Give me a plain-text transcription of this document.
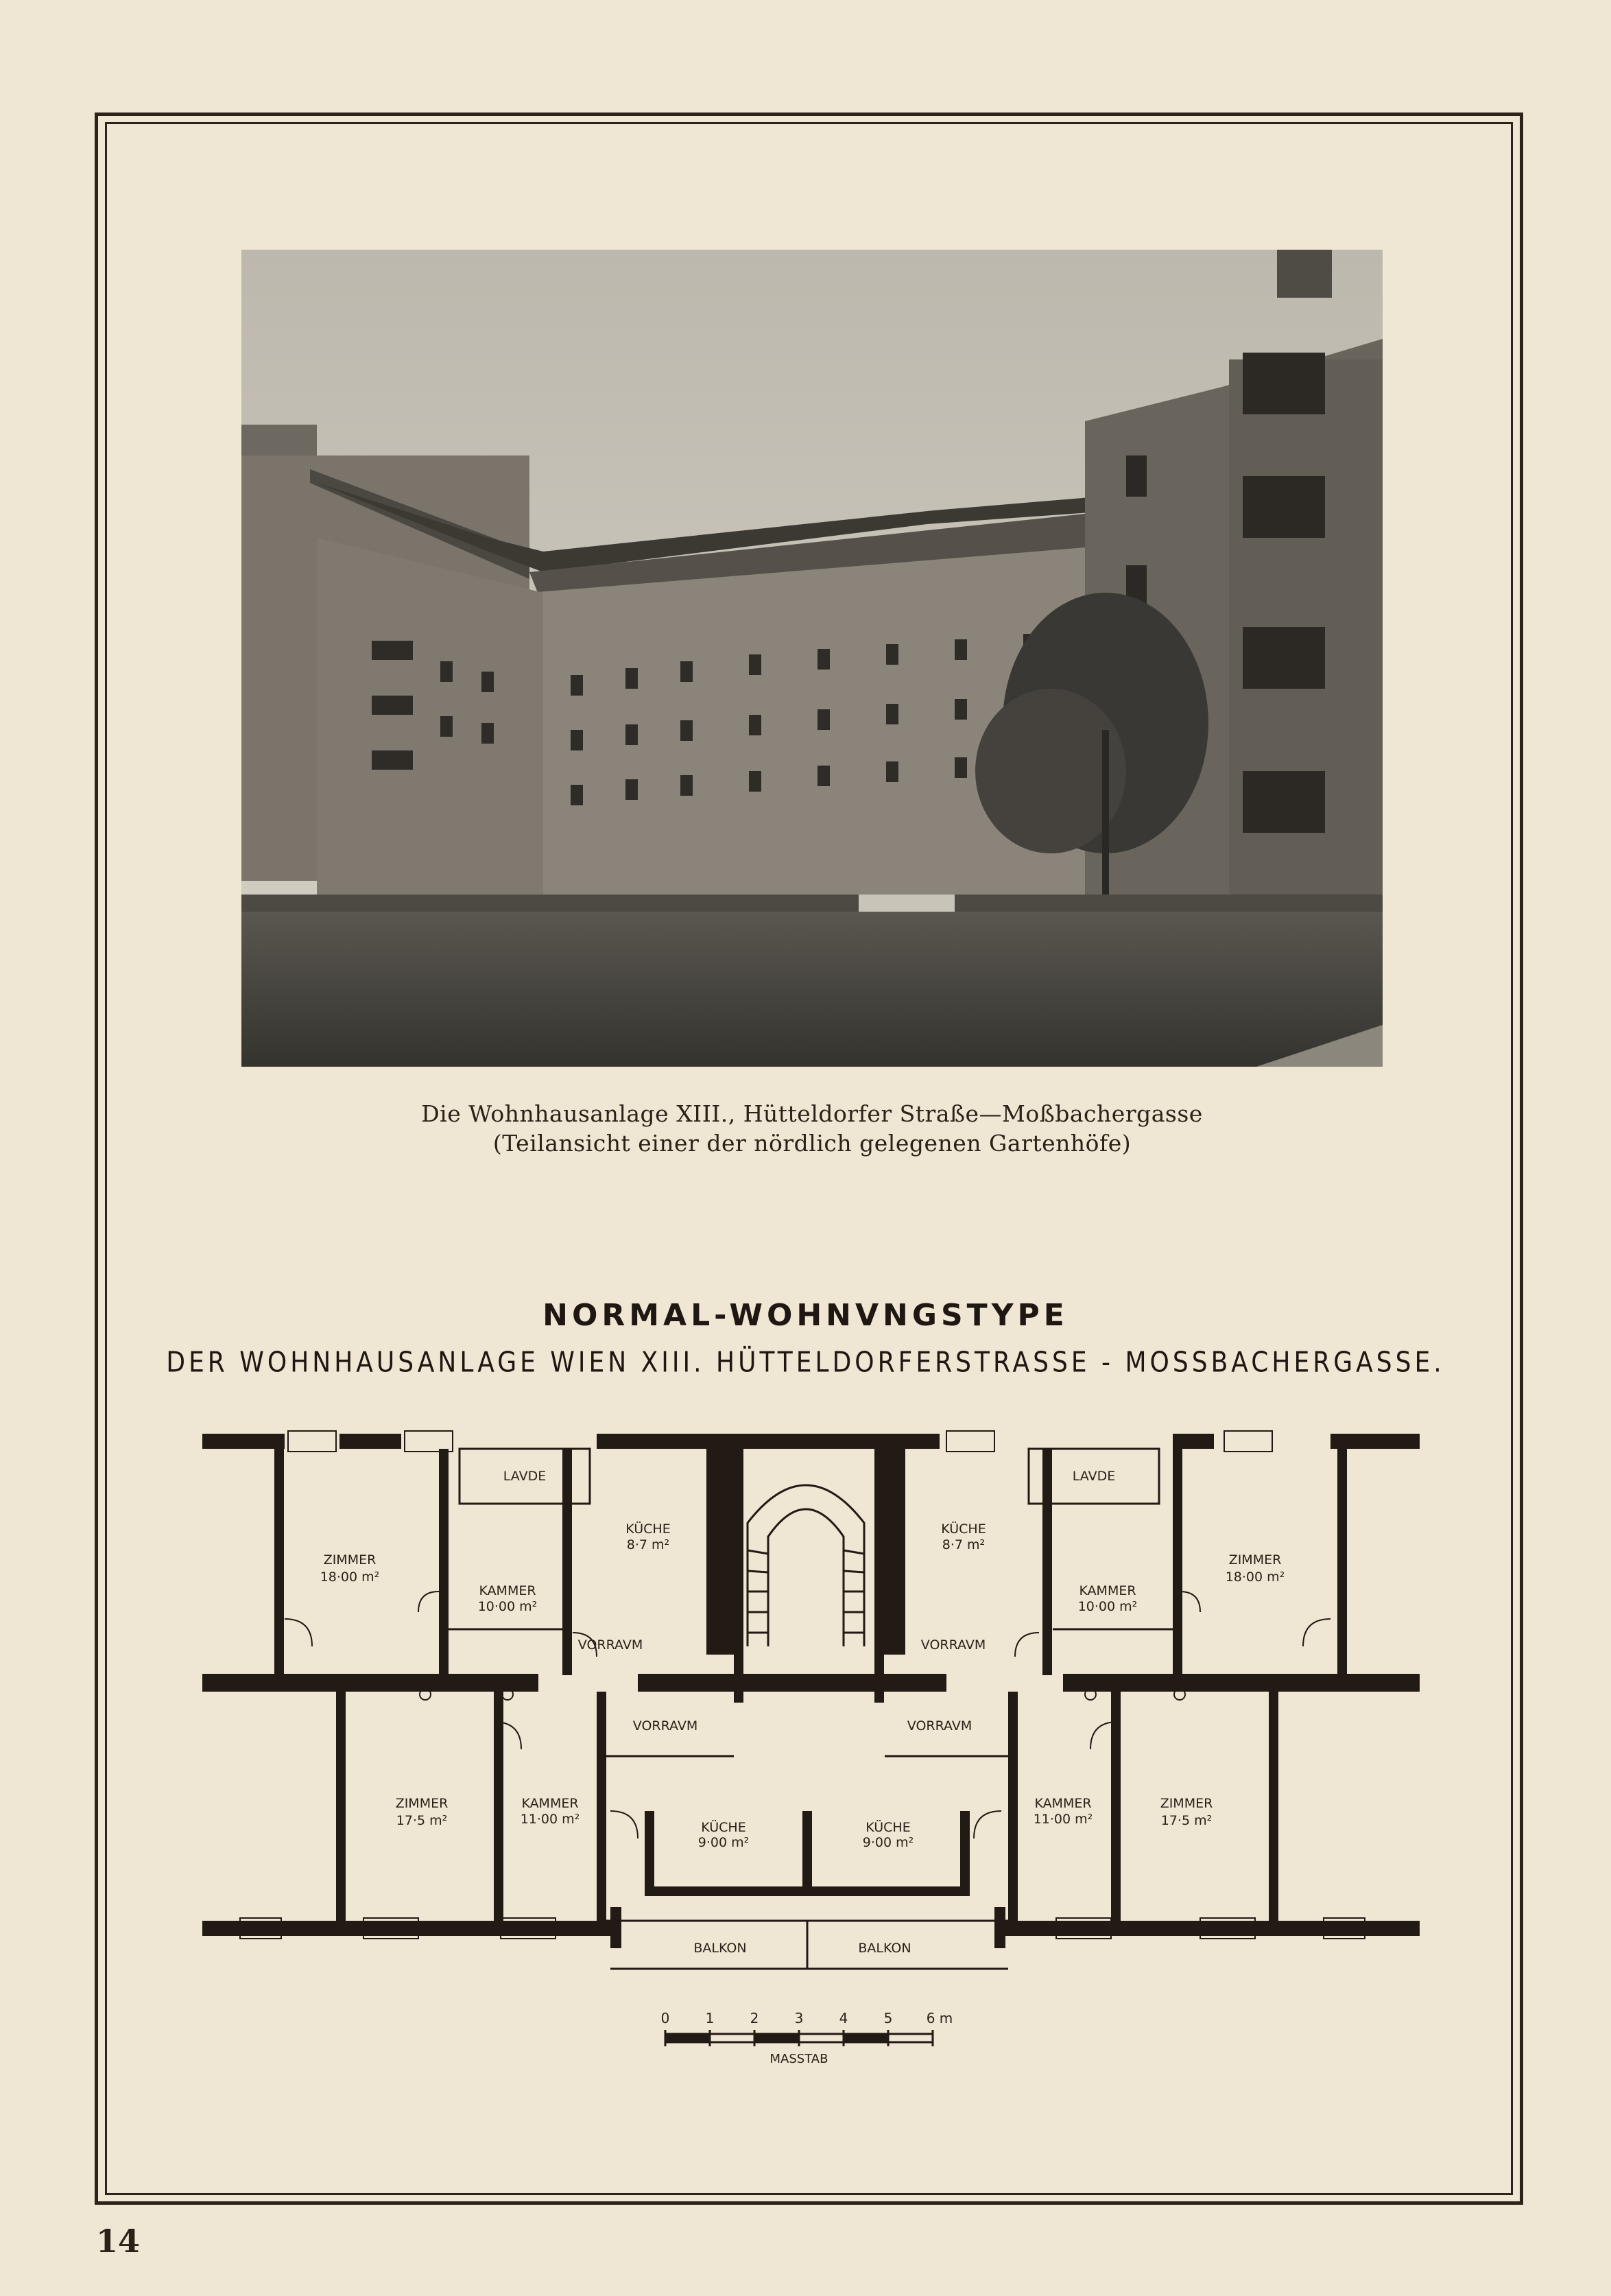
Die Wohnhausanlage XIII., Hütteldorfer Straße—Moßbachergasse
(Teilansicht einer der nördlich gelegenen Gartenhöfe)
NORMAL-WOHNVNGSTYPE
DER WOHNHAUSANLAGE WIEN XIII. HÜTTELDORFERSTRASSE - MOSSBACHERGASSE.
LAVDE	LAVDE
KÜCHE
8·7 m²
KÜCHE
8·7 m²
ZIMMER
18·00 m²
ZIMMER
18·00 m²
KAMMER
10·00 m²
KAMMER
10·00 m²
VORRAVM	VORRAVM
VORRAVM	VORRAVM
ZIMMER
17·5 m²
ZIMMER
17·5 m²
KAMMER
11·00 m²
KAMMER
11·00 m²
KÜCHE
9·00 m²
KÜCHE
9·00 m²
BALKON	BALKON
0	1	2	3	4	5 6 m
MASSTAB
14
